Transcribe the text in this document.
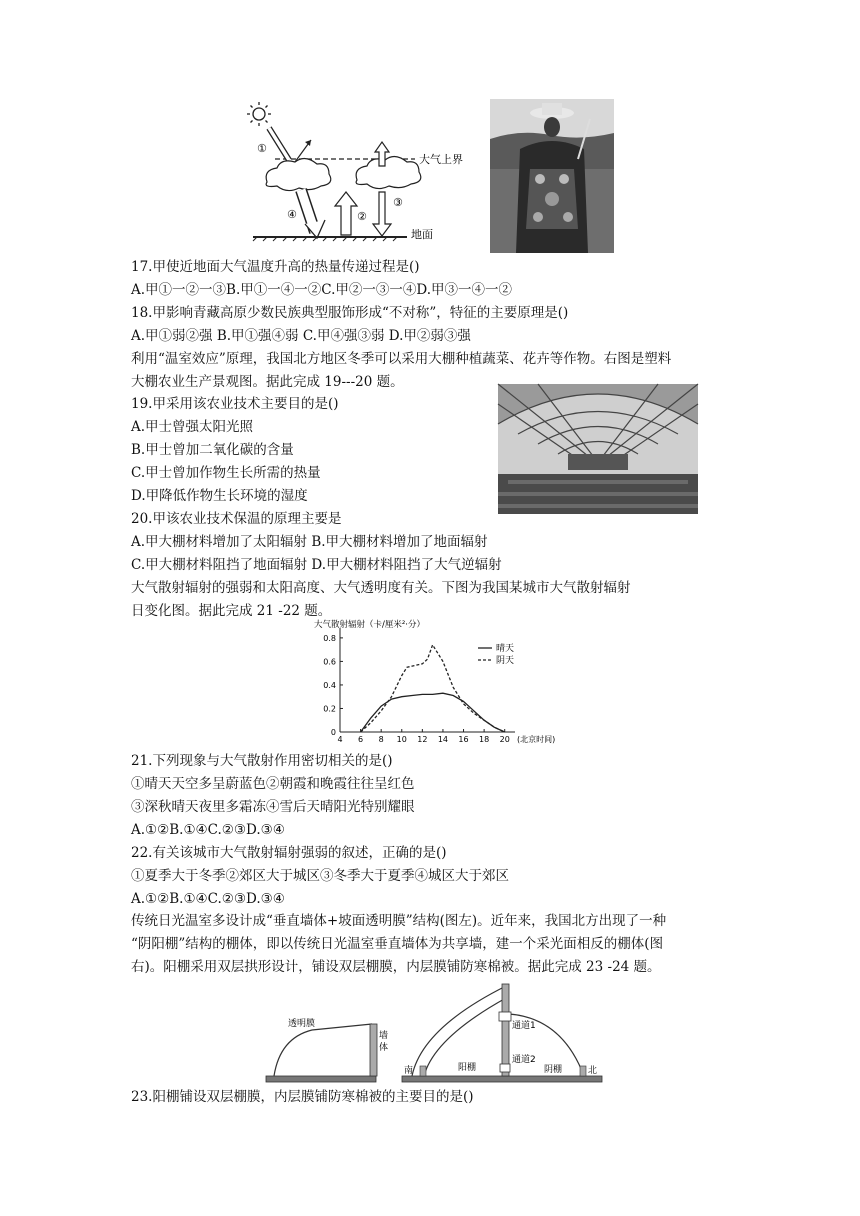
大气上界
①
④	②
③
地面
17.甲使近地面大气温度升高的热量传递过程是()
A.甲①一②一③B.甲①一④一②C.甲②一③一④D.甲③一④一②
18.甲影响青藏高原少数民族典型服饰形成“不对称”，特征的主要原理是()
A.甲①弱②强 B.甲①强④弱 C.甲④强③弱 D.甲②弱③强
利用“温室效应”原理，我国北方地区冬季可以采用大棚种植蔬菜、花卉等作物。右图是塑料
大棚农业生产景观图。据此完成 19---20 题。
19.甲采用该农业技术主要目的是()
A.甲士曾强太阳光照
B.甲士曾加二氧化碳的含量
C.甲士曾加作物生长所需的热量
D.甲降低作物生长环境的湿度
20.甲该农业技术保温的原理主要是
A.甲大棚材料增加了太阳辐射 B.甲大棚材料增加了地面辐射
C.甲大棚材料阻挡了地面辐射 D.甲大棚材料阻挡了大气逆辐射
大气散射辐射的强弱和太阳高度、大气透明度有关。下图为我国某城市大气散射辐射
日变化图。据此完成 21 -22 题。
大气散射辐射（卡/厘米²·分）
4 6 8 10 12 14 16 18 20
0
0.2
0.4
0.6
0.8
晴天
阴天
(北京时间)
21.下列现象与大气散射作用密切相关的是()
①晴天天空多呈蔚蓝色②朝霞和晚霞往往呈红色
③深秋晴天夜里多霜冻④雪后天晴阳光特别耀眼
A.①②B.①④C.②③D.③④
22.有关该城市大气散射辐射强弱的叙述，正确的是()
①夏季大于冬季②郊区大于城区③冬季大于夏季④城区大于郊区
A.①②B.①④C.②③D.③④
传统日光温室多设计成“垂直墙体+坡面透明膜”结构(图左)。近年来，我国北方出现了一种
“阴阳棚”结构的棚体，即以传统日光温室垂直墙体为共享墙，建一个采光面相反的棚体(图
右)。阳棚采用双层拱形设计，铺设双层棚膜，内层膜铺防寒棉被。据此完成 23 -24 题。
透明膜
墙
体
南	阳棚
通道1
通道2
阴棚	北
23.阳棚铺设双层棚膜，内层膜铺防寒棉被的主要目的是()
